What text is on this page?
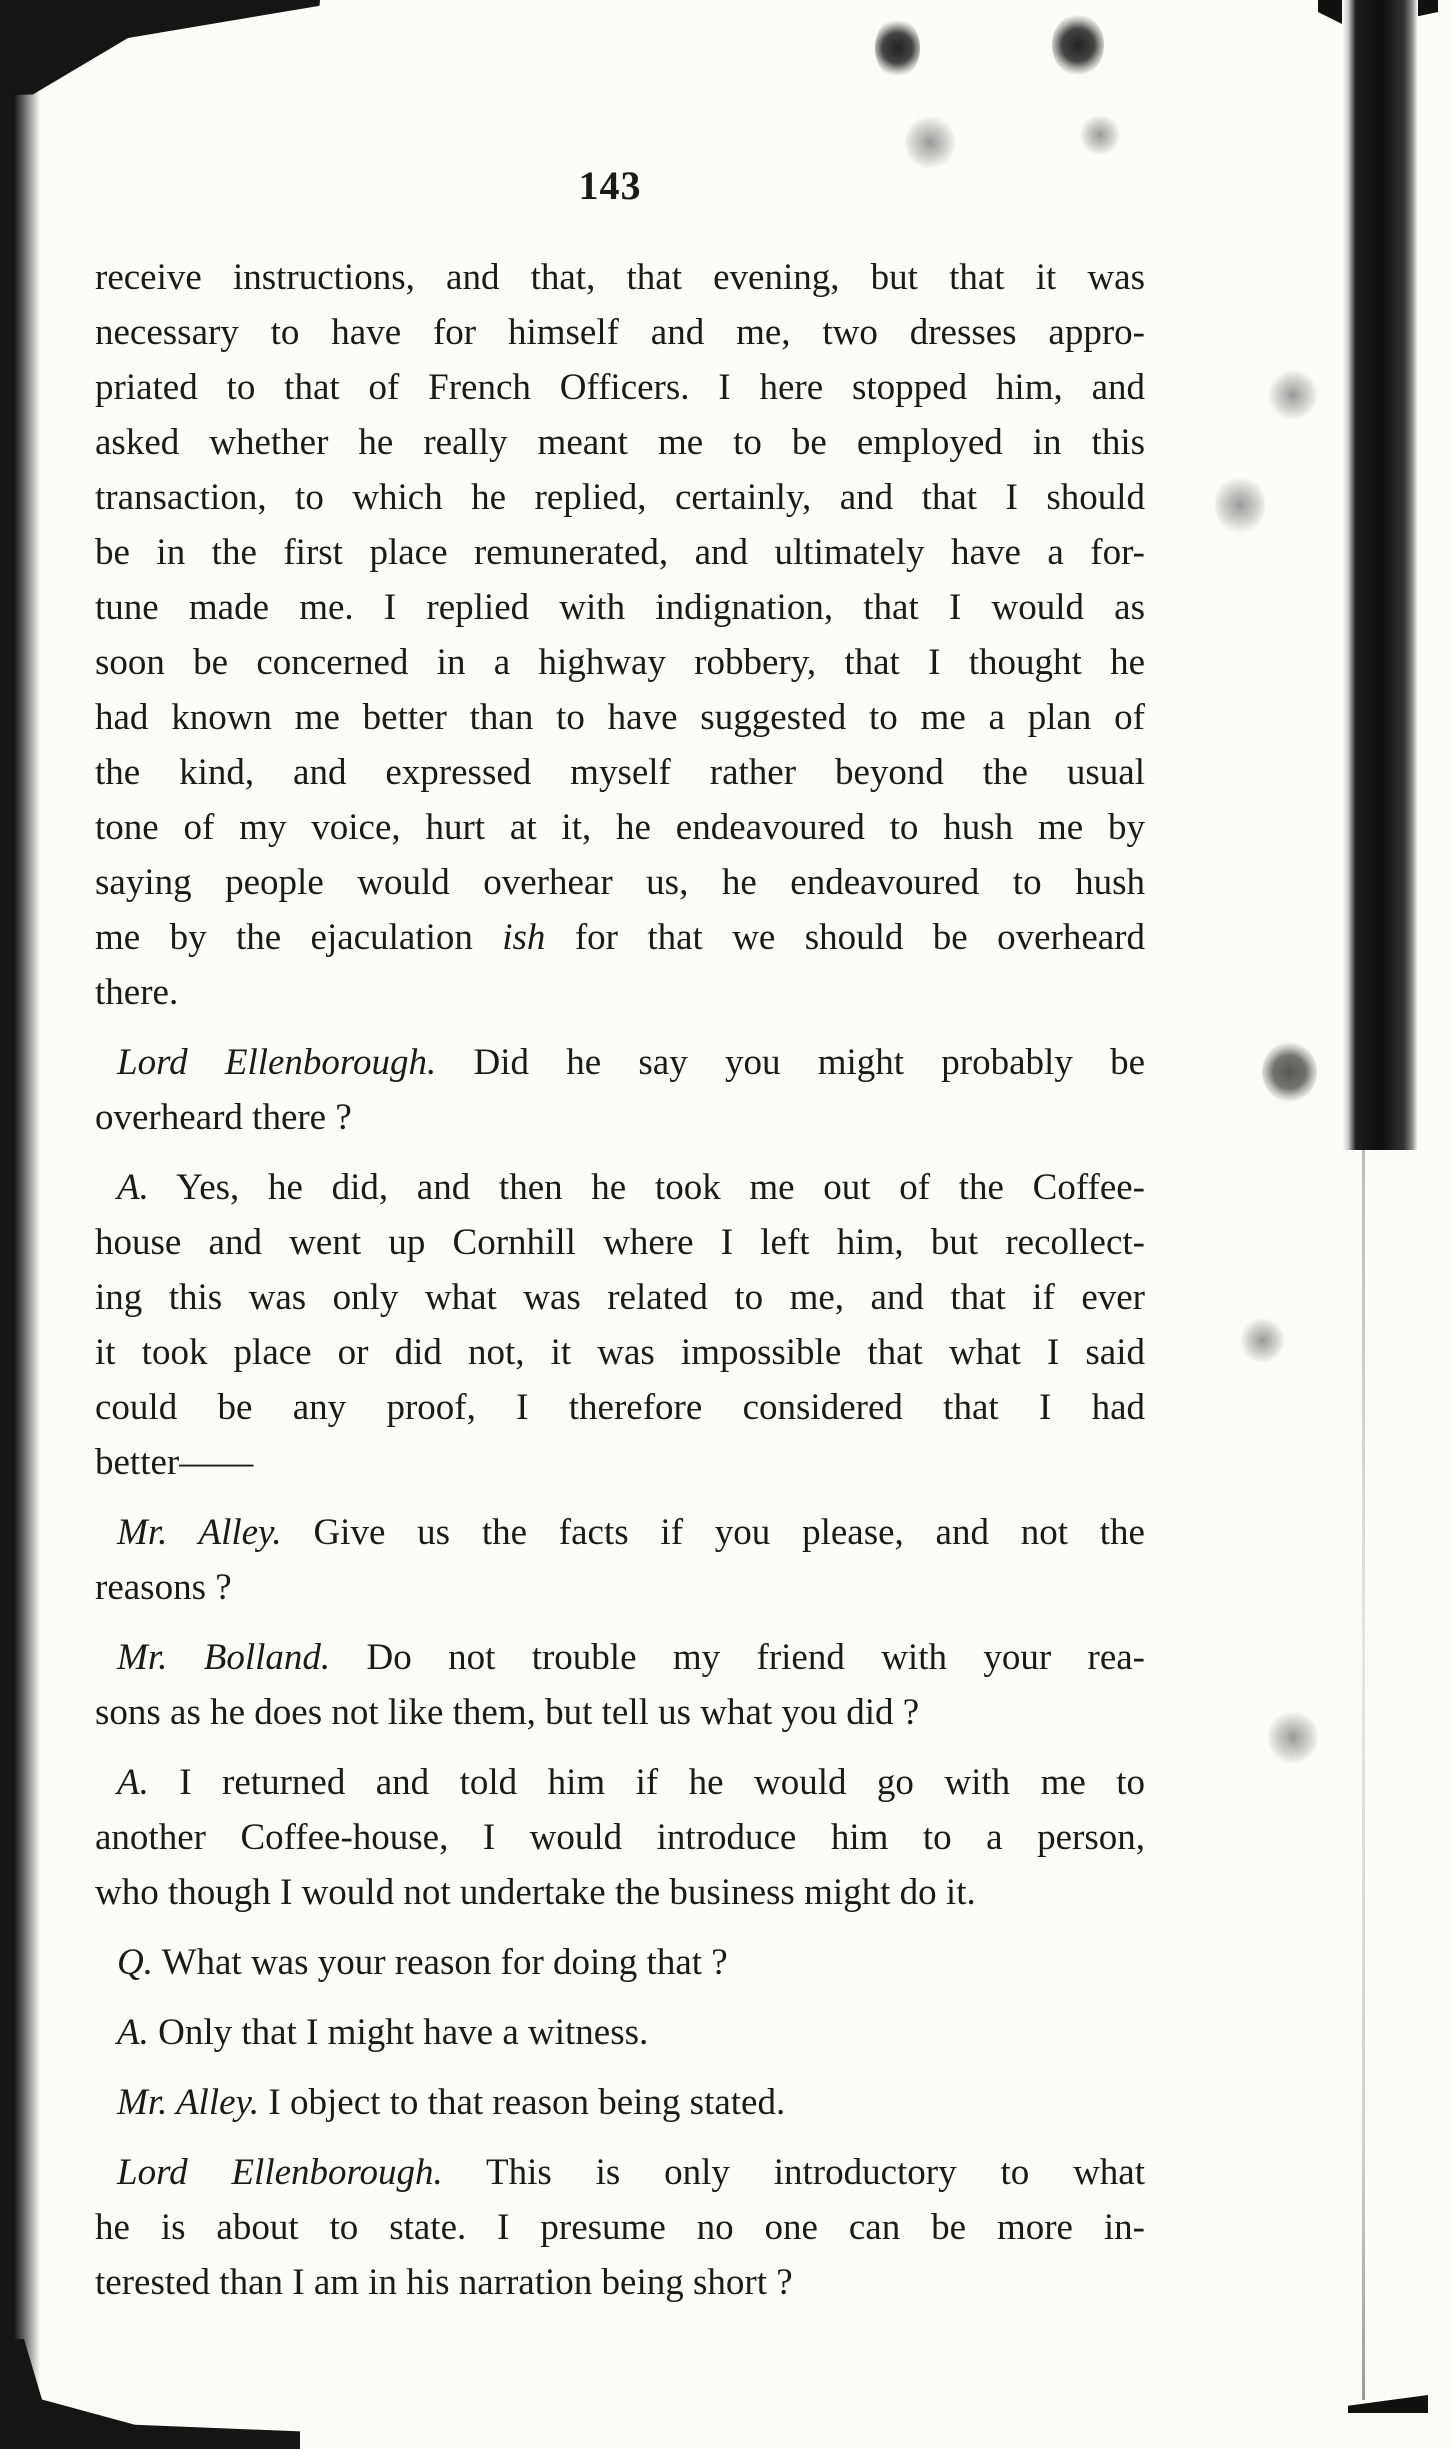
143
receive instructions, and that, that evening, but that it was
necessary to have for himself and me, two dresses appro-
priated to that of French Officers. I here stopped him, and
asked whether he really meant me to be employed in this
transaction, to which he replied, certainly, and that I should
be in the first place remunerated, and ultimately have a for-
tune made me. I replied with indignation, that I would as
soon be concerned in a highway robbery, that I thought he
had known me better than to have suggested to me a plan of
the kind, and expressed myself rather beyond the usual
tone of my voice, hurt at it, he endeavoured to hush me by
saying people would overhear us, he endeavoured to hush
me by the ejaculation ish for that we should be overheard
there.
Lord Ellenborough. Did he say you might probably be
overheard there ?
A. Yes, he did, and then he took me out of the Coffee-
house and went up Cornhill where I left him, but recollect-
ing this was only what was related to me, and that if ever
it took place or did not, it was impossible that what I said
could be any proof, I therefore considered that I had
better——
Mr. Alley. Give us the facts if you please, and not the
reasons ?
Mr. Bolland. Do not trouble my friend with your rea-
sons as he does not like them, but tell us what you did ?
A. I returned and told him if he would go with me to
another Coffee-house, I would introduce him to a person,
who though I would not undertake the business might do it.
Q. What was your reason for doing that ?
A. Only that I might have a witness.
Mr. Alley. I object to that reason being stated.
Lord Ellenborough. This is only introductory to what
he is about to state. I presume no one can be more in-
terested than I am in his narration being short ?
